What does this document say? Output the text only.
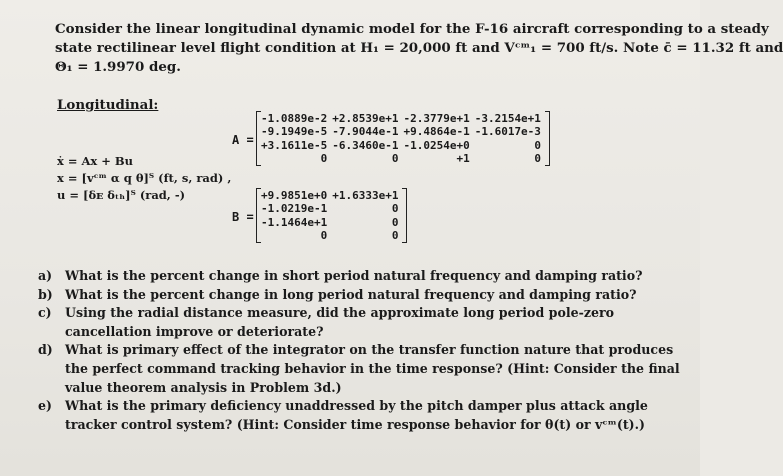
Consider the linear longitudinal dynamic model for the F-16 aircraft corresponding to a steady

state rectilinear level flight condition at H₁ = 20,000 ft and Vᶜᵐ₁ = 700 ft/s. Note c̄ = 11.32 ft and

Θ₁ = 1.9970 deg.

Longitudinal:
ẋ = Ax + Bu
x = [vᶜᵐ α q θ]ᵀ (ft, s, rad) ,
u = [δᴇ δₜₕ]ᵀ (rad, -)
A =
-1.0889e-2	+2.8539e+1	-2.3779e+1	-3.2154e+1
-9.1949e-5	-7.9044e-1	+9.4864e-1	-1.6017e-3
+3.1611e-5	-6.3460e-1	-1.0254e+0	0
0	0	+1	0
B =
+9.9851e+0	+1.6333e+1
-1.0219e-1	0
-1.1464e+1	0
0	0
a)	What is the percent change in short period natural frequency and damping ratio?
b) What is the percent change in long period natural frequency and damping ratio?
c)	Using the radial distance measure, did the approximate long period pole-zero cancellation improve or deteriorate?
d) What is primary effect of the integrator on the transfer function nature that produces the perfect command tracking behavior in the time response? (Hint: Consider the final value theorem analysis in Problem 3d.)
e)	What is the primary deficiency unaddressed by the pitch damper plus attack angle tracker control system? (Hint: Consider time response behavior for θ(t) or vᶜᵐ(t).)
